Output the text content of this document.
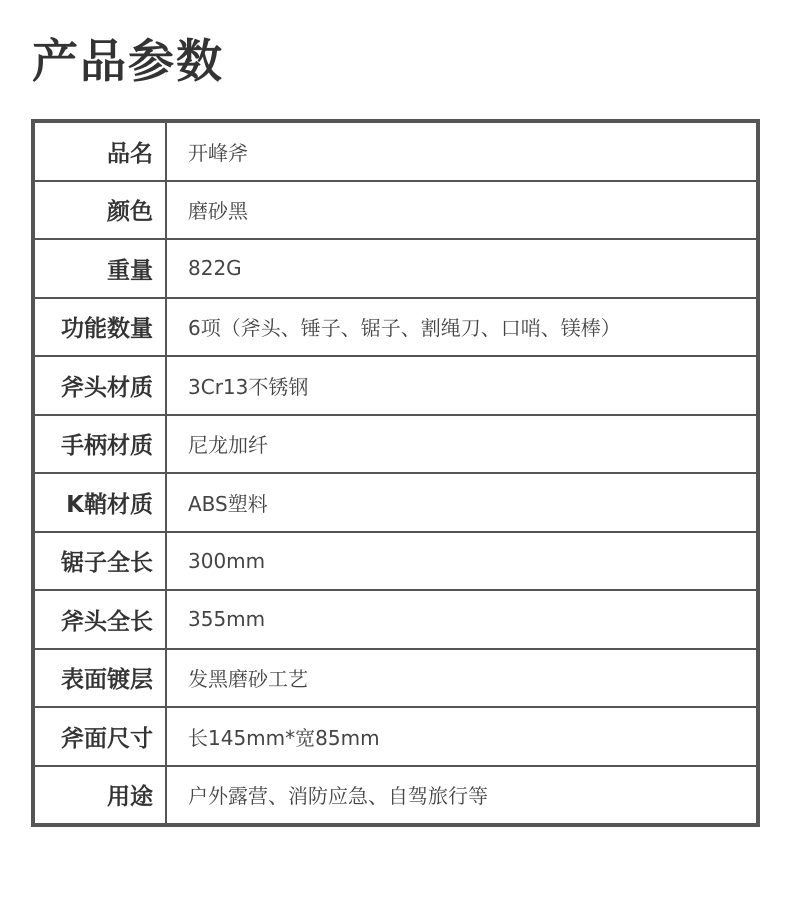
产品参数
品名	开峰斧
颜色	磨砂黑
重量	822G
功能数量	6项（斧头、锤子、锯子、割绳刀、口哨、镁棒）
斧头材质	3Cr13不锈钢
手柄材质	尼龙加纤
K鞘材质	ABS塑料
锯子全长	300mm
斧头全长	355mm
表面镀层	发黑磨砂工艺
斧面尺寸	长145mm*宽85mm
用途	户外露营、消防应急、自驾旅行等
